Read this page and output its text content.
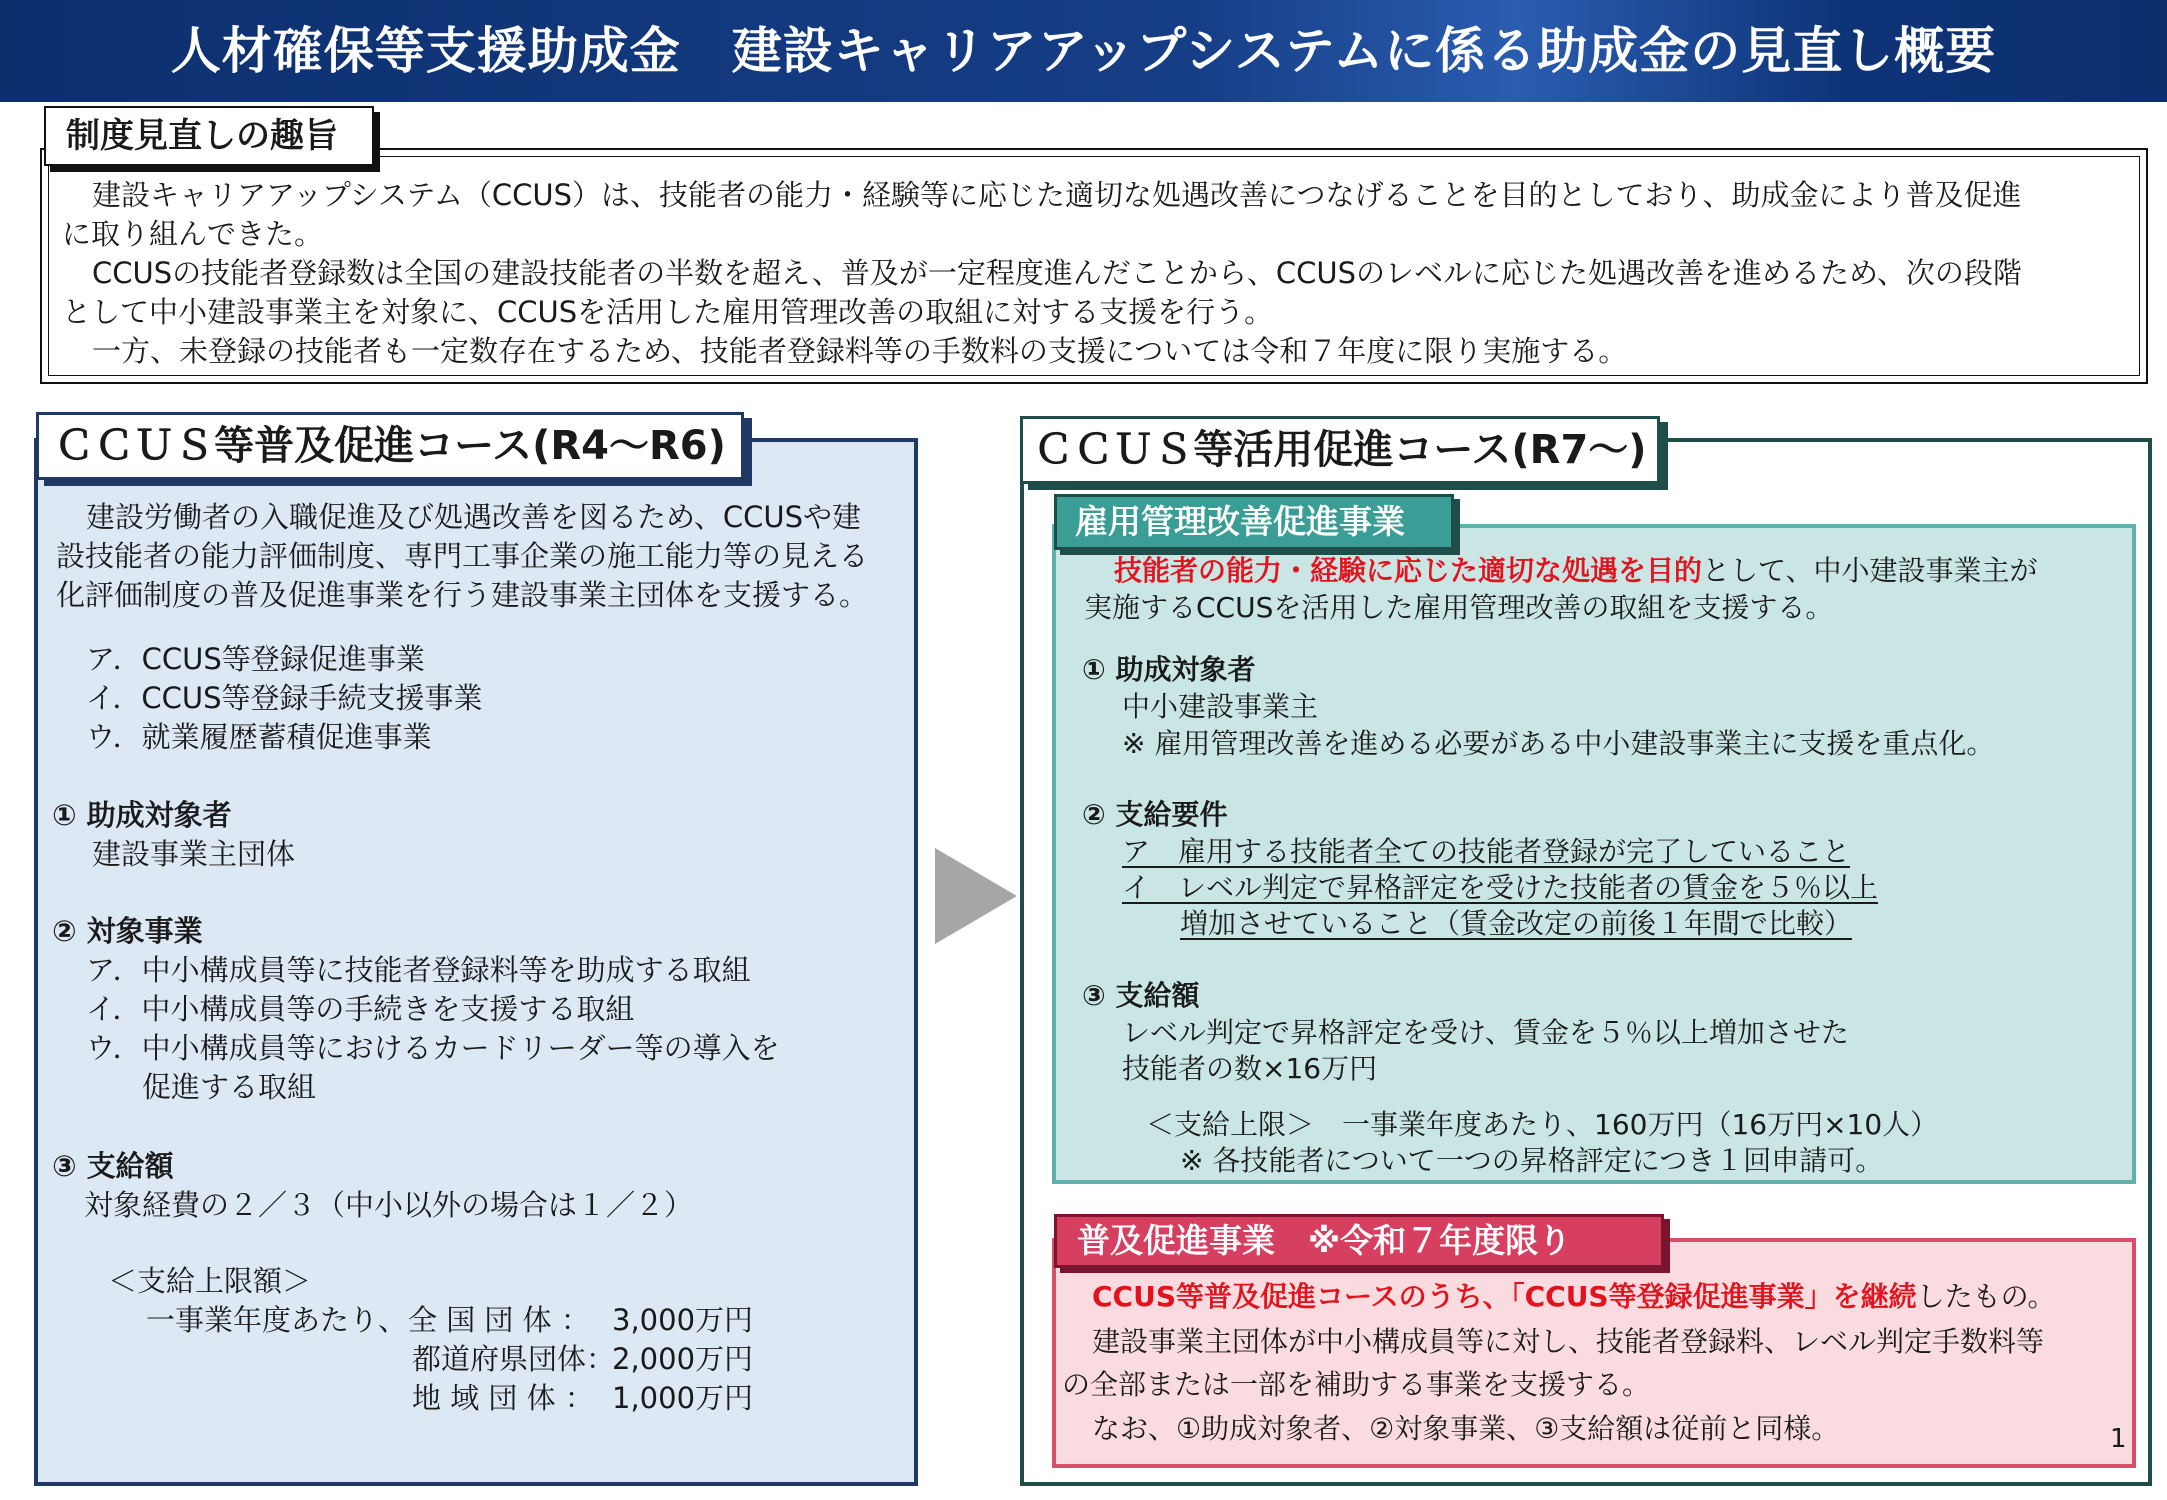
人材確保等支援助成金　建設キャリアアップシステムに係る助成金の見直し概要
制度見直しの趣旨
建設キャリアアップシステム（CCUS）は、技能者の能力・経験等に応じた適切な処遇改善につなげることを目的としており、助成金により普及促進
に取り組んできた。
CCUSの技能者登録数は全国の建設技能者の半数を超え、普及が一定程度進んだことから、CCUSのレベルに応じた処遇改善を進めるため、次の段階
として中小建設事業主を対象に、CCUSを活用した雇用管理改善の取組に対する支援を行う。
一方、未登録の技能者も一定数存在するため、技能者登録料等の手数料の支援については令和７年度に限り実施する。
ＣＣＵＳ等普及促進コース(R4～R6)
建設労働者の入職促進及び処遇改善を図るため、CCUSや建
設技能者の能力評価制度、専門工事企業の施工能力等の見える
化評価制度の普及促進事業を行う建設事業主団体を支援する。
ア．CCUS等登録促進事業
イ．CCUS等登録手続支援事業
ウ．就業履歴蓄積促進事業
① 助成対象者
建設事業主団体
② 対象事業
ア．中小構成員等に技能者登録料等を助成する取組
イ．中小構成員等の手続きを支援する取組
ウ．中小構成員等におけるカードリーダー等の導入を
促進する取組
③ 支給額
対象経費の２／３（中小以外の場合は１／２）
＜支給上限額＞
一事業年度あたり、 全 国 団 体 ： 3,000万円
都道府県団体：
2,000万円
地 域 団 体 ： 1,000万円
ＣＣＵＳ等活用促進コース(R7～)
雇用管理改善促進事業
技能者の能力・経験に応じた適切な処遇を目的として、中小建設事業主が
実施するCCUSを活用した雇用管理改善の取組を支援する。
① 助成対象者
中小建設事業主
※ 雇用管理改善を進める必要がある中小建設事業主に支援を重点化。
② 支給要件
ア　雇用する技能者全ての技能者登録が完了していること
イ　レベル判定で昇格評定を受けた技能者の賃金を５％以上
増加させていること（賃金改定の前後１年間で比較）
③ 支給額
レベル判定で昇格評定を受け、賃金を５％以上増加させた
技能者の数×16万円
＜支給上限＞　一事業年度あたり、160万円（16万円×10人）
※ 各技能者について一つの昇格評定につき１回申請可。
普及促進事業　※令和７年度限り
CCUS等普及促進コースのうち、「CCUS等登録促進事業」を継続したもの。
建設事業主団体が中小構成員等に対し、技能者登録料、レベル判定手数料等
の全部または一部を補助する事業を支援する。
なお、①助成対象者、②対象事業、③支給額は従前と同様。	1
